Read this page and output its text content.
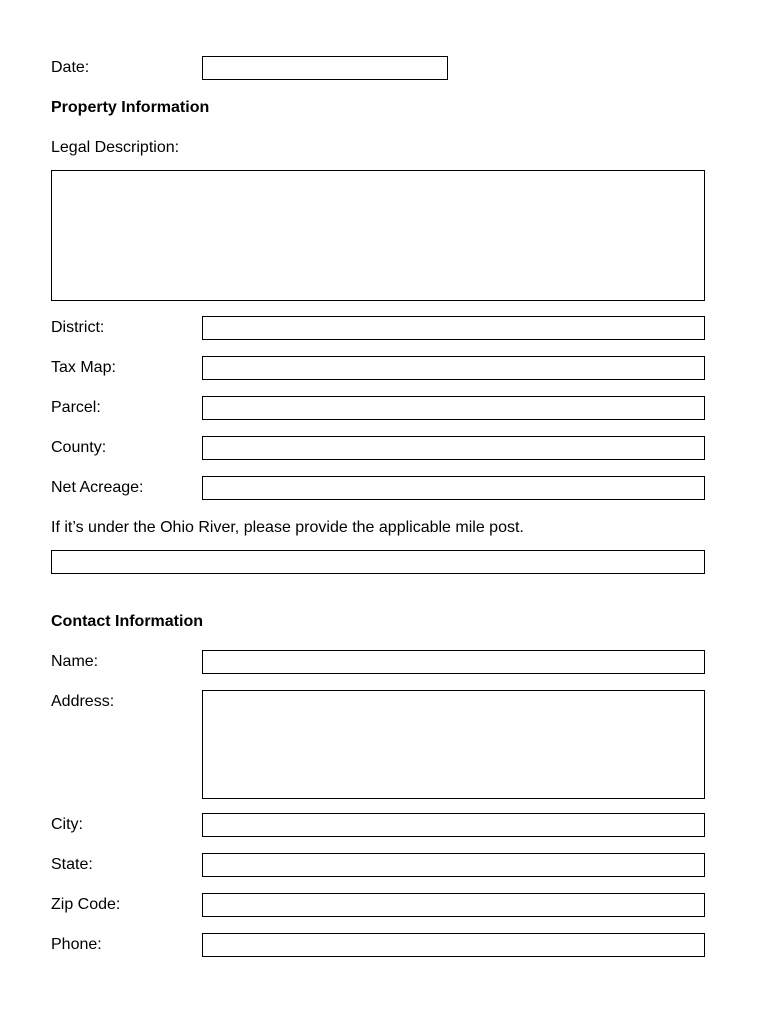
Date:
Property Information
Legal Description:
District:
Tax Map:
Parcel:
County:
Net Acreage:
If it’s under the Ohio River, please provide the applicable mile post.
Contact Information
Name:
Address:
City:
State:
Zip Code:
Phone:
